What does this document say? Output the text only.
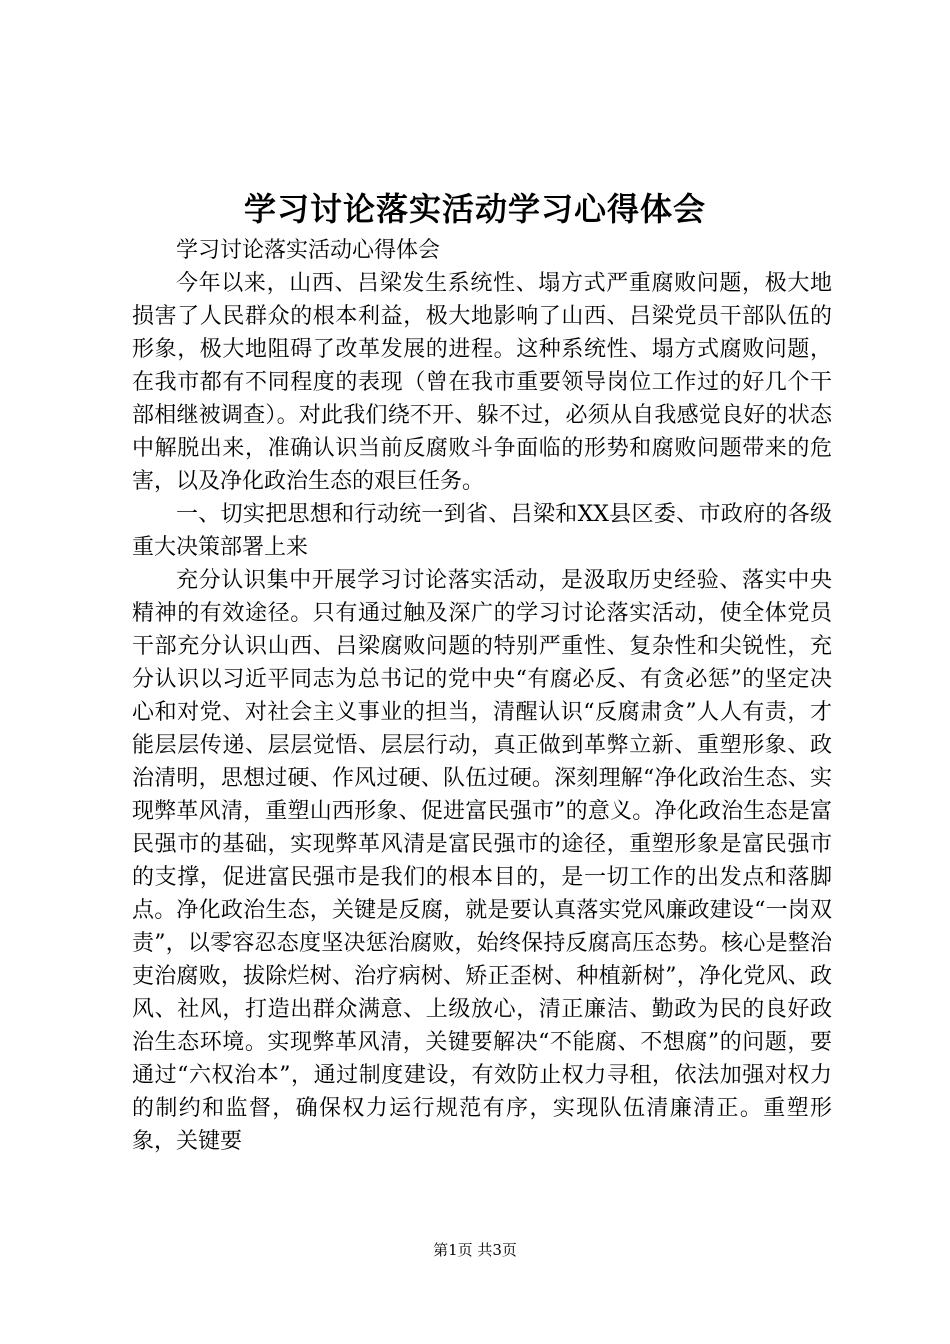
学习讨论落实活动学习心得体会

学习讨论落实活动心得体会

今年以来，山西、吕梁发生系统性、塌方式严重腐败问题，极大地损害了人民群众的根本利益，极大地影响了山西、吕梁党员干部队伍的形象，极大地阻碍了改革发展的进程。这种系统性、塌方式腐败问题，在我市都有不同程度的表现（曾在我市重要领导岗位工作过的好几个干部相继被调查）。对此我们绕不开、躲不过，必须从自我感觉良好的状态中解脱出来，准确认识当前反腐败斗争面临的形势和腐败问题带来的危害，以及净化政治生态的艰巨任务。

一、切实把思想和行动统一到省、吕梁和XX县区委、市政府的各级重大决策部署上来

充分认识集中开展学习讨论落实活动，是汲取历史经验、落实中央精神的有效途径。只有通过触及深广的学习讨论落实活动，使全体党员干部充分认识山西、吕梁腐败问题的特别严重性、复杂性和尖锐性，充分认识以习近平同志为总书记的党中央“有腐必反、有贪必惩”的坚定决心和对党、对社会主义事业的担当，清醒认识“反腐肃贪”人人有责，才能层层传递、层层觉悟、层层行动，真正做到革弊立新、重塑形象、政治清明，思想过硬、作风过硬、队伍过硬。深刻理解“净化政治生态、实现弊革风清，重塑山西形象、促进富民强市”的意义。净化政治生态是富民强市的基础，实现弊革风清是富民强市的途径，重塑形象是富民强市的支撑，促进富民强市是我们的根本目的，是一切工作的出发点和落脚点。净化政治生态，关键是反腐，就是要认真落实党风廉政建设“一岗双责”，以零容忍态度坚决惩治腐败，始终保持反腐高压态势。核心是整治吏治腐败，拔除烂树、治疗病树、矫正歪树、种植新树”，净化党风、政风、社风，打造出群众满意、上级放心，清正廉洁、勤政为民的良好政治生态环境。实现弊革风清，关键要解决“不能腐、不想腐”的问题，要通过“六权治本”，通过制度建设，有效防止权力寻租，依法加强对权力的制约和监督，确保权力运行规范有序，实现队伍清廉清正。重塑形象，关键要

第1页 共3页
